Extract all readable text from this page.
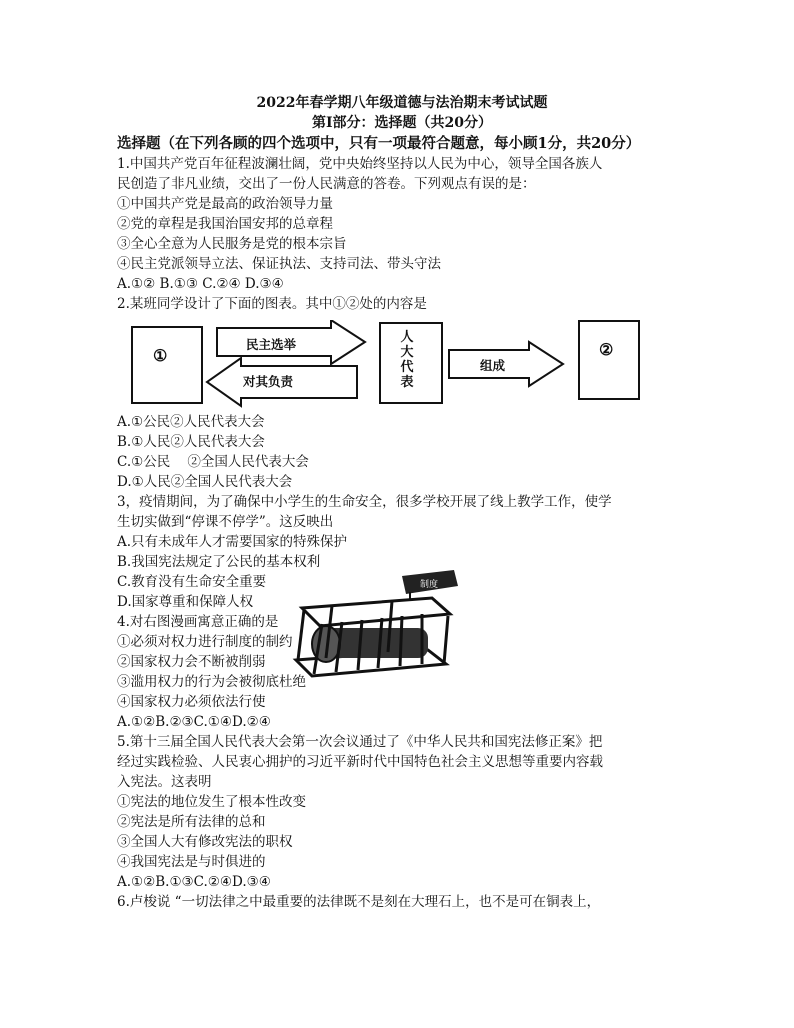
2022年春学期八年级道德与法治期末考试试题

第Ⅰ部分：选择题（共20分）

选择题（在下列各顾的四个选项中，只有一项最符合题意，每小顾1分，共20分）

1.中国共产党百年征程波澜壮阔，党中央始终坚持以人民为中心，领导全国各族人

民创造了非凡业绩，交出了一份人民满意的答卷。下列观点有误的是：

①中国共产党是最高的政治领导力量

②党的章程是我国治国安邦的总章程

③全心全意为人民服务是党的根本宗旨

④民主党派领导立法、保证执法、支持司法、带头守法

A.①② B.①③ C.②④ D.③④

2.某班同学设计了下面的图表。其中①②处的内容是

①
民主选举
对其负责
人大代表
组成
②

A.①公民②人民代表大会

B.①人民②人民代表大会

C.①公民    ②全国人民代表大会

D.①人民②全国人民代表大会

3，疫情期间，为了确保中小学生的生命安全，很多学校开展了线上教学工作，使学

生切实做到“停课不停学”。这反映出

A.只有未成年人才需要国家的特殊保护

B.我国宪法规定了公民的基本权利

C.教育没有生命安全重要

D.国家尊重和保障人权

4.对右图漫画寓意正确的是

①必须对权力进行制度的制约

②国家权力会不断被削弱

③滥用权力的行为会被彻底杜绝

④国家权力必须依法行使

A.①②B.②③C.①④D.②④

5.第十三届全国人民代表大会第一次会议通过了《中华人民共和国宪法修正案》把

经过实践检验、人民衷心拥护的习近平新时代中国特色社会主义思想等重要内容载

入宪法。这表明

①宪法的地位发生了根本性改变

②宪法是所有法律的总和

③全国人大有修改宪法的职权

④我国宪法是与时俱进的

A.①②B.①③C.②④D.③④

6.卢梭说 “一切法律之中最重要的法律既不是刻在大理石上，也不是可在铜表上，

制度
